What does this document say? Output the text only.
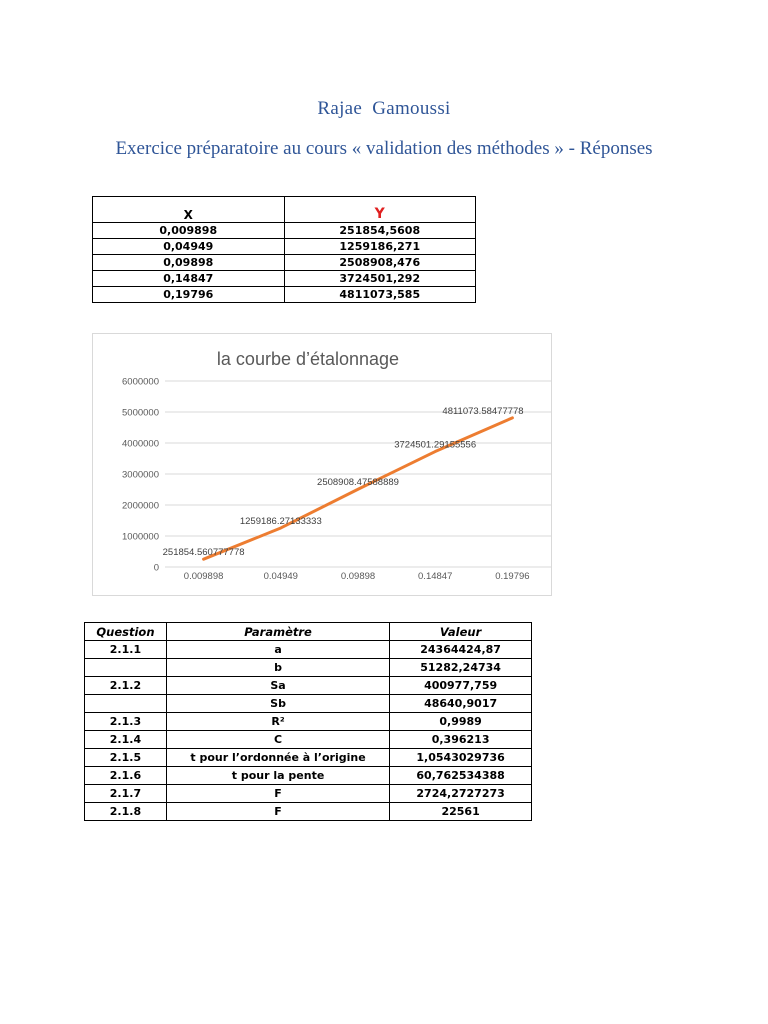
Rajae  Gamoussi
Exercice préparatoire au cours « validation des méthodes » - Réponses
X	Y
0,009898	251854,5608
0,04949	1259186,271
0,09898	2508908,476
0,14847	3724501,292
0,19796	4811073,585
la courbe d’étalonnage
0
1000000
2000000
3000000
4000000
5000000
6000000
0.009898	0.04949	0.09898	0.14847	0.19796
251854.560777778
1259186.27133333
2508908.47588889
3724501.29155556
4811073.58477778
Question	Paramètre	Valeur
2.1.1	a	24364424,87
	b	51282,24734
2.1.2	Sa	400977,759
	Sb	48640,9017
2.1.3	R²	0,9989
2.1.4	C	0,396213
2.1.5	t pour l’ordonnée à l’origine	1,0543029736
2.1.6	t pour la pente	60,762534388
2.1.7	F	2724,2727273
2.1.8	F	22561
